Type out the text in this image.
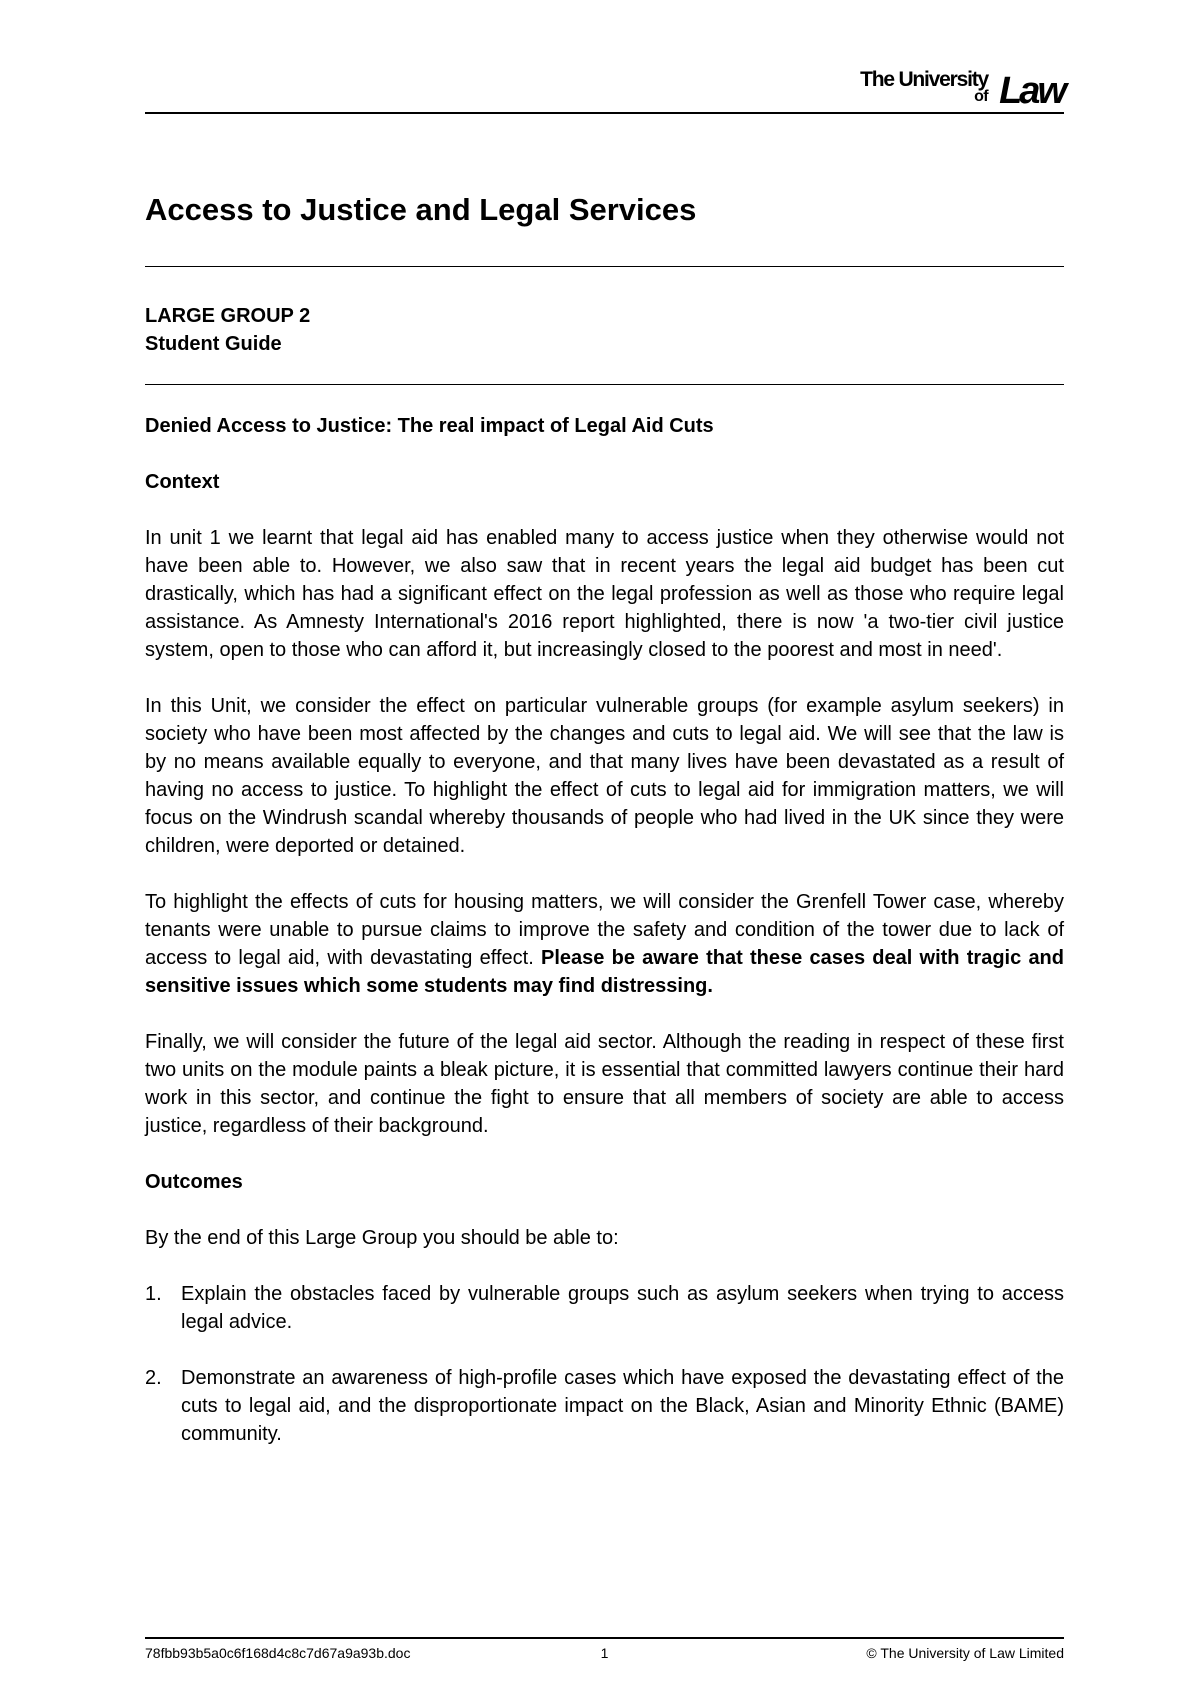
The University
of Law
Access to Justice and Legal Services
LARGE GROUP 2
Student Guide

Denied Access to Justice: The real impact of Legal Aid Cuts

Context

In unit 1 we learnt that legal aid has enabled many to access justice when they otherwise would not have been able to. However, we also saw that in recent years the legal aid budget has been cut drastically, which has had a significant effect on the legal profession as well as those who require legal assistance. As Amnesty International's 2016 report highlighted, there is now 'a two-tier civil justice system, open to those who can afford it, but increasingly closed to the poorest and most in need'.

In this Unit, we consider the effect on particular vulnerable groups (for example asylum seekers) in society who have been most affected by the changes and cuts to legal aid. We will see that the law is by no means available equally to everyone, and that many lives have been devastated as a result of having no access to justice. To highlight the effect of cuts to legal aid for immigration matters, we will focus on the Windrush scandal whereby thousands of people who had lived in the UK since they were children, were deported or detained.

To highlight the effects of cuts for housing matters, we will consider the Grenfell Tower case, whereby tenants were unable to pursue claims to improve the safety and condition of the tower due to lack of access to legal aid, with devastating effect. Please be aware that these cases deal with tragic and sensitive issues which some students may find distressing.

Finally, we will consider the future of the legal aid sector. Although the reading in respect of these first two units on the module paints a bleak picture, it is essential that committed lawyers continue their hard work in this sector, and continue the fight to ensure that all members of society are able to access justice, regardless of their background.

Outcomes

By the end of this Large Group you should be able to:

1. Explain the obstacles faced by vulnerable groups such as asylum seekers when trying to access legal advice.
2. Demonstrate an awareness of high-profile cases which have exposed the devastating effect of the cuts to legal aid, and the disproportionate impact on the Black, Asian and Minority Ethnic (BAME) community.
78fbb93b5a0c6f168d4c8c7d67a9a93b.doc	1	© The University of Law Limited
